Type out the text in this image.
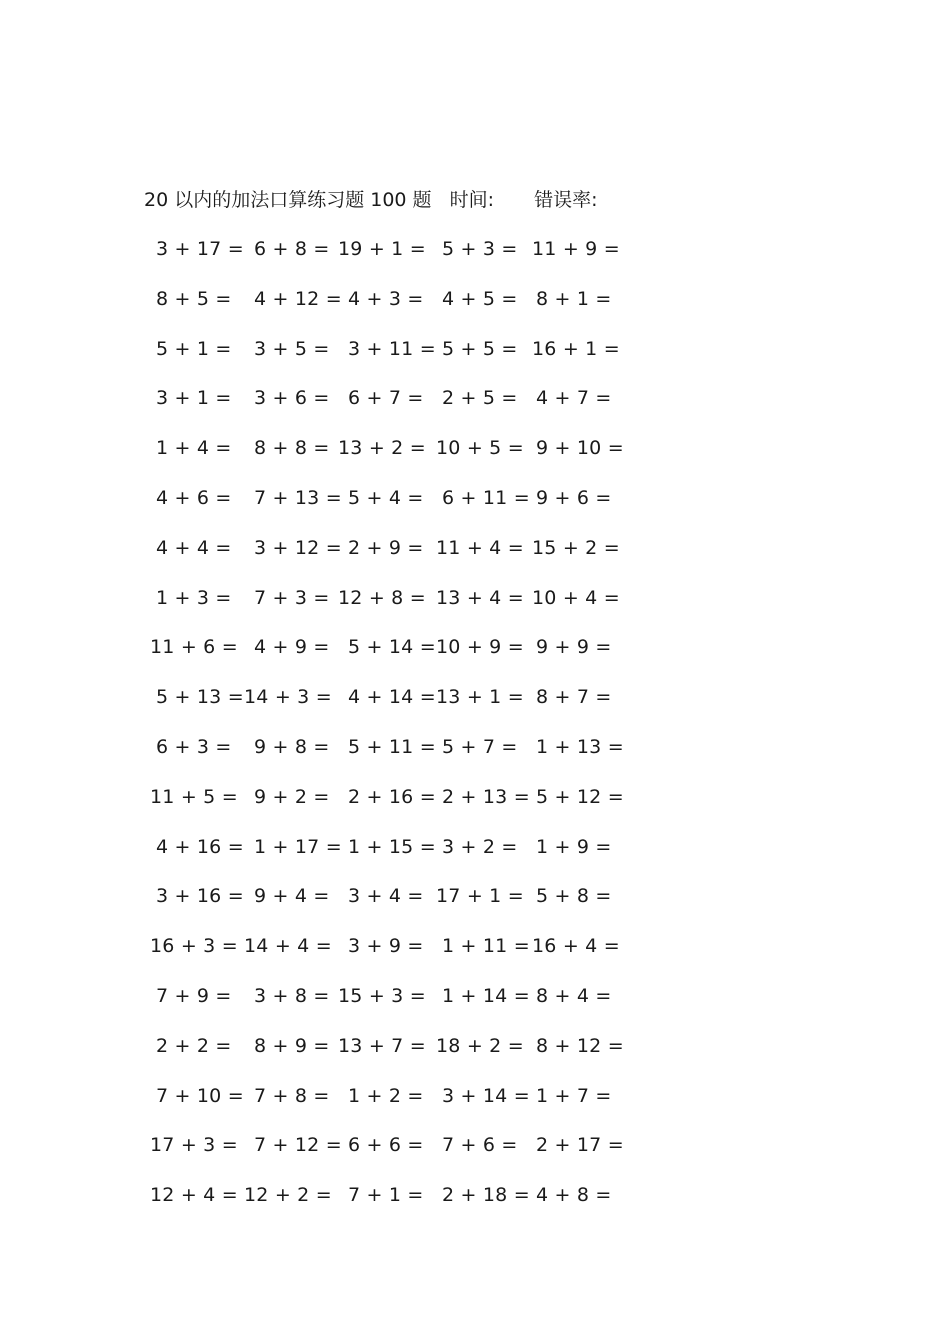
20 以内的加法口算练习题 100 题 时间: 错误率:
3 + 17 = 6 + 8 = 19 + 1 = 5 + 3 = 11 + 9 =
8 + 5 = 4 + 12 = 4 + 3 = 4 + 5 = 8 + 1 =
5 + 1 = 3 + 5 = 3 + 11 = 5 + 5 = 16 + 1 =
3 + 1 = 3 + 6 = 6 + 7 = 2 + 5 = 4 + 7 =
1 + 4 = 8 + 8 = 13 + 2 = 10 + 5 = 9 + 10 =
4 + 6 = 7 + 13 = 5 + 4 = 6 + 11 = 9 + 6 =
4 + 4 = 3 + 12 = 2 + 9 = 11 + 4 = 15 + 2 =
1 + 3 = 7 + 3 = 12 + 8 = 13 + 4 = 10 + 4 =
11 + 6 = 4 + 9 = 5 + 14 = 10 + 9 = 9 + 9 =
5 + 13 = 14 + 3 = 4 + 14 = 13 + 1 = 8 + 7 =
6 + 3 = 9 + 8 = 5 + 11 = 5 + 7 = 1 + 13 =
11 + 5 = 9 + 2 = 2 + 16 = 2 + 13 = 5 + 12 =
4 + 16 = 1 + 17 = 1 + 15 = 3 + 2 = 1 + 9 =
3 + 16 = 9 + 4 = 3 + 4 = 17 + 1 = 5 + 8 =
16 + 3 = 14 + 4 = 3 + 9 = 1 + 11 = 16 + 4 =
7 + 9 = 3 + 8 = 15 + 3 = 1 + 14 = 8 + 4 =
2 + 2 = 8 + 9 = 13 + 7 = 18 + 2 = 8 + 12 =
7 + 10 = 7 + 8 = 1 + 2 = 3 + 14 = 1 + 7 =
17 + 3 = 7 + 12 = 6 + 6 = 7 + 6 = 2 + 17 =
12 + 4 = 12 + 2 = 7 + 1 = 2 + 18 = 4 + 8 =
